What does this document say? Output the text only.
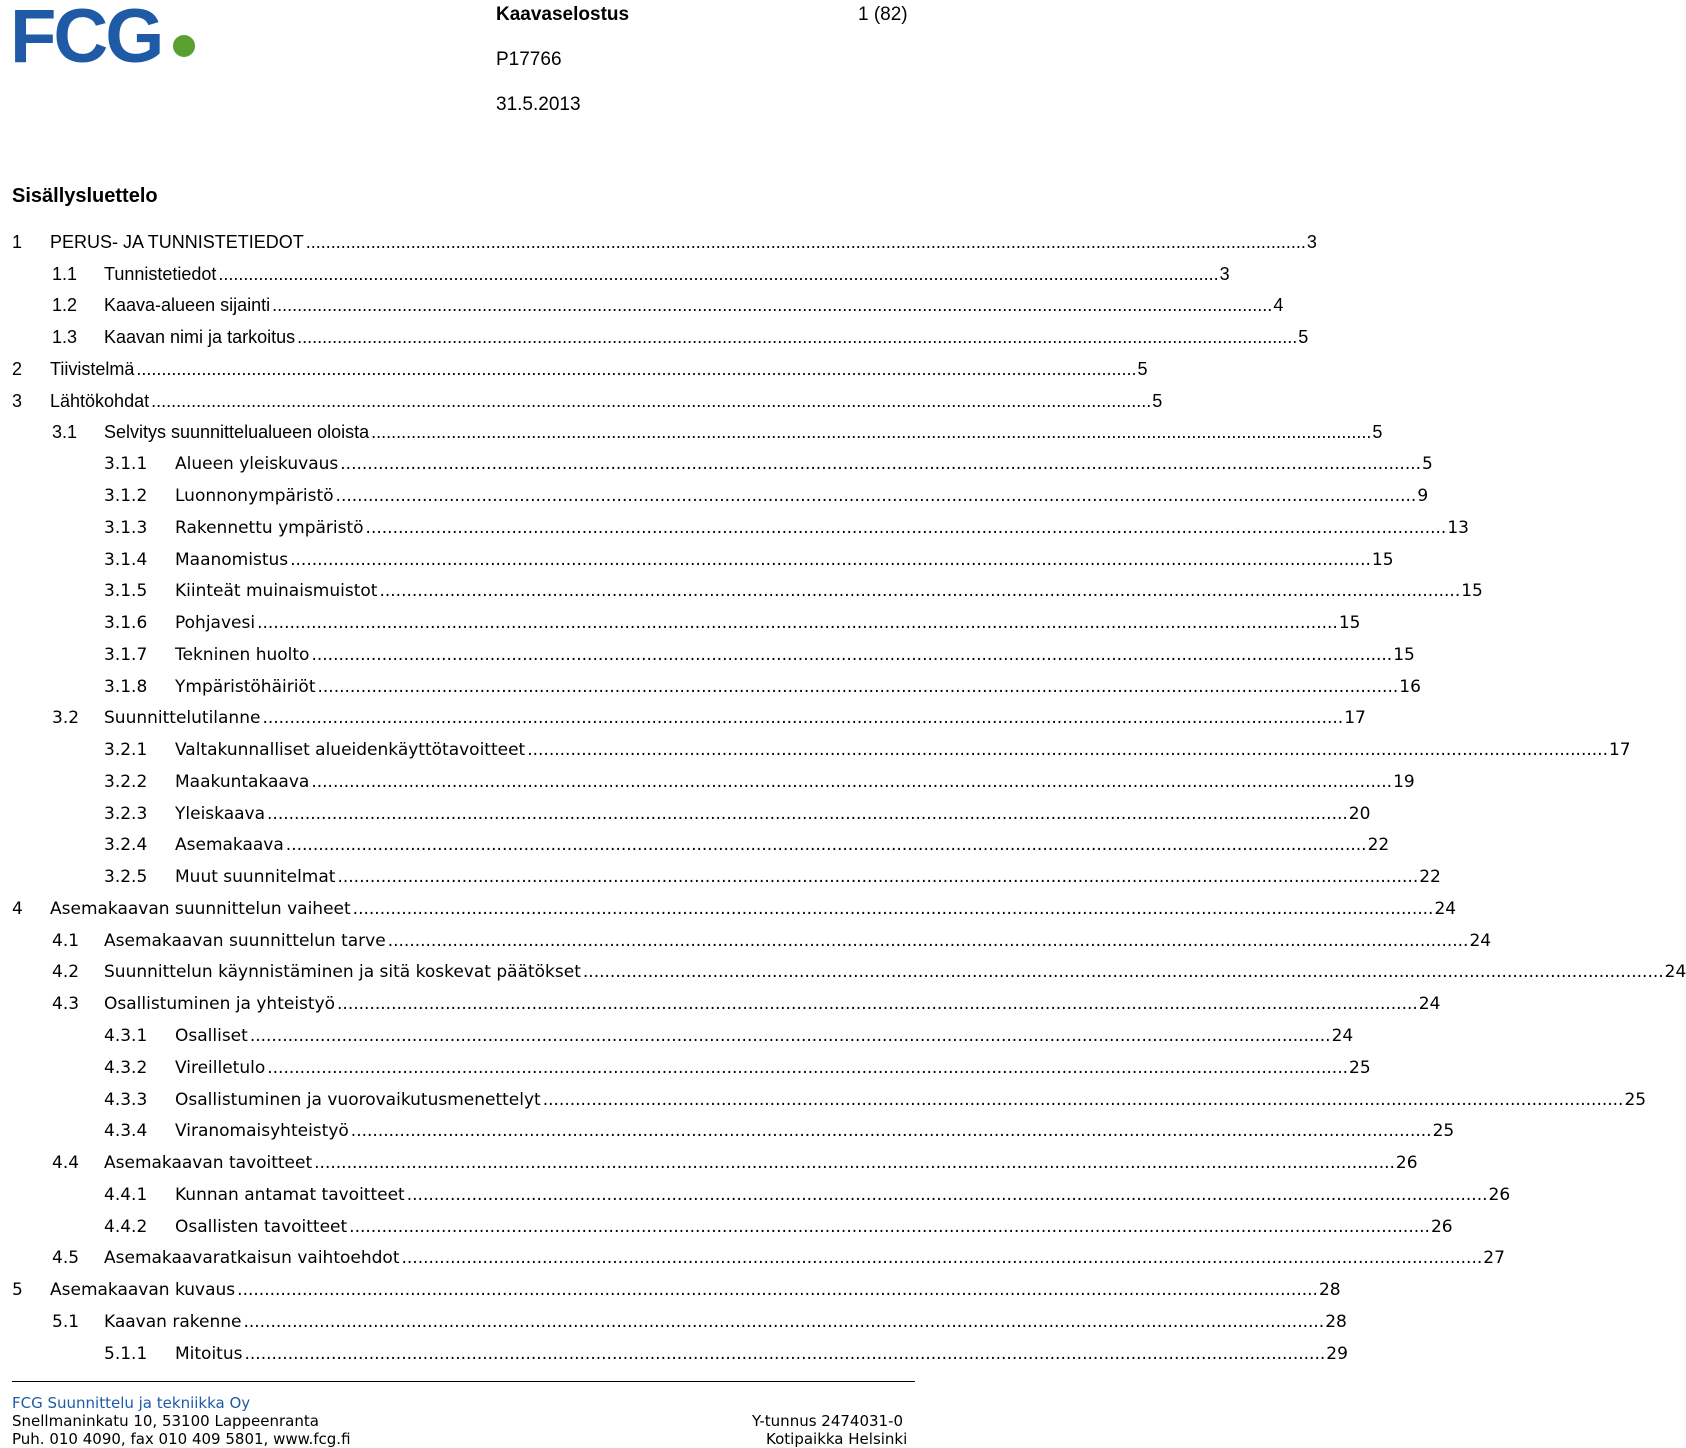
FCG	Kaavaselostus	1 (82)
P17766
31.5.2013
Sisällysluettelo
1 PERUS- JA TUNNISTETIEDOT ........................................................................................................................................................................................................ 3
1.1 Tunnistetiedot ........................................................................................................................................................................................................ 3
1.2 Kaava-alueen sijainti ........................................................................................................................................................................................................ 4
1.3 Kaavan nimi ja tarkoitus ........................................................................................................................................................................................................ 5
2 Tiivistelmä ........................................................................................................................................................................................................ 5
3 Lähtökohdat ........................................................................................................................................................................................................ 5
3.1 Selvitys suunnittelualueen oloista ........................................................................................................................................................................................................ 5
3.1.1 Alueen yleiskuvaus ........................................................................................................................................................................................................ 5
3.1.2 Luonnonympäristö ........................................................................................................................................................................................................ 9
3.1.3 Rakennettu ympäristö ........................................................................................................................................................................................................ 13
3.1.4 Maanomistus ........................................................................................................................................................................................................ 15
3.1.5 Kiinteät muinaismuistot ........................................................................................................................................................................................................ 15
3.1.6 Pohjavesi ........................................................................................................................................................................................................ 15
3.1.7 Tekninen huolto ........................................................................................................................................................................................................ 15
3.1.8 Ympäristöhäiriöt ........................................................................................................................................................................................................ 16
3.2 Suunnittelutilanne ........................................................................................................................................................................................................ 17
3.2.1 Valtakunnalliset alueidenkäyttötavoitteet ........................................................................................................................................................................................................ 17
3.2.2 Maakuntakaava ........................................................................................................................................................................................................ 19
3.2.3 Yleiskaava ........................................................................................................................................................................................................ 20
3.2.4 Asemakaava ........................................................................................................................................................................................................ 22
3.2.5 Muut suunnitelmat ........................................................................................................................................................................................................ 22
4 Asemakaavan suunnittelun vaiheet ........................................................................................................................................................................................................ 24
4.1 Asemakaavan suunnittelun tarve ........................................................................................................................................................................................................ 24
4.2 Suunnittelun käynnistäminen ja sitä koskevat päätökset ........................................................................................................................................................................................................ 24
4.3 Osallistuminen ja yhteistyö ........................................................................................................................................................................................................ 24
4.3.1 Osalliset ........................................................................................................................................................................................................ 24
4.3.2 Vireilletulo ........................................................................................................................................................................................................ 25
4.3.3 Osallistuminen ja vuorovaikutusmenettelyt ........................................................................................................................................................................................................ 25
4.3.4 Viranomaisyhteistyö ........................................................................................................................................................................................................ 25
4.4 Asemakaavan tavoitteet ........................................................................................................................................................................................................ 26
4.4.1 Kunnan antamat tavoitteet ........................................................................................................................................................................................................ 26
4.4.2 Osallisten tavoitteet ........................................................................................................................................................................................................ 26
4.5 Asemakaavaratkaisun vaihtoehdot ........................................................................................................................................................................................................ 27
5 Asemakaavan kuvaus ........................................................................................................................................................................................................ 28
5.1 Kaavan rakenne ........................................................................................................................................................................................................ 28
5.1.1 Mitoitus ........................................................................................................................................................................................................ 29
FCG Suunnittelu ja tekniikka Oy
Snellmaninkatu 10, 53100 Lappeenranta
Puh. 010 4090, fax 010 409 5801, www.fcg.fi
Y-tunnus 2474031-0
Kotipaikka Helsinki
